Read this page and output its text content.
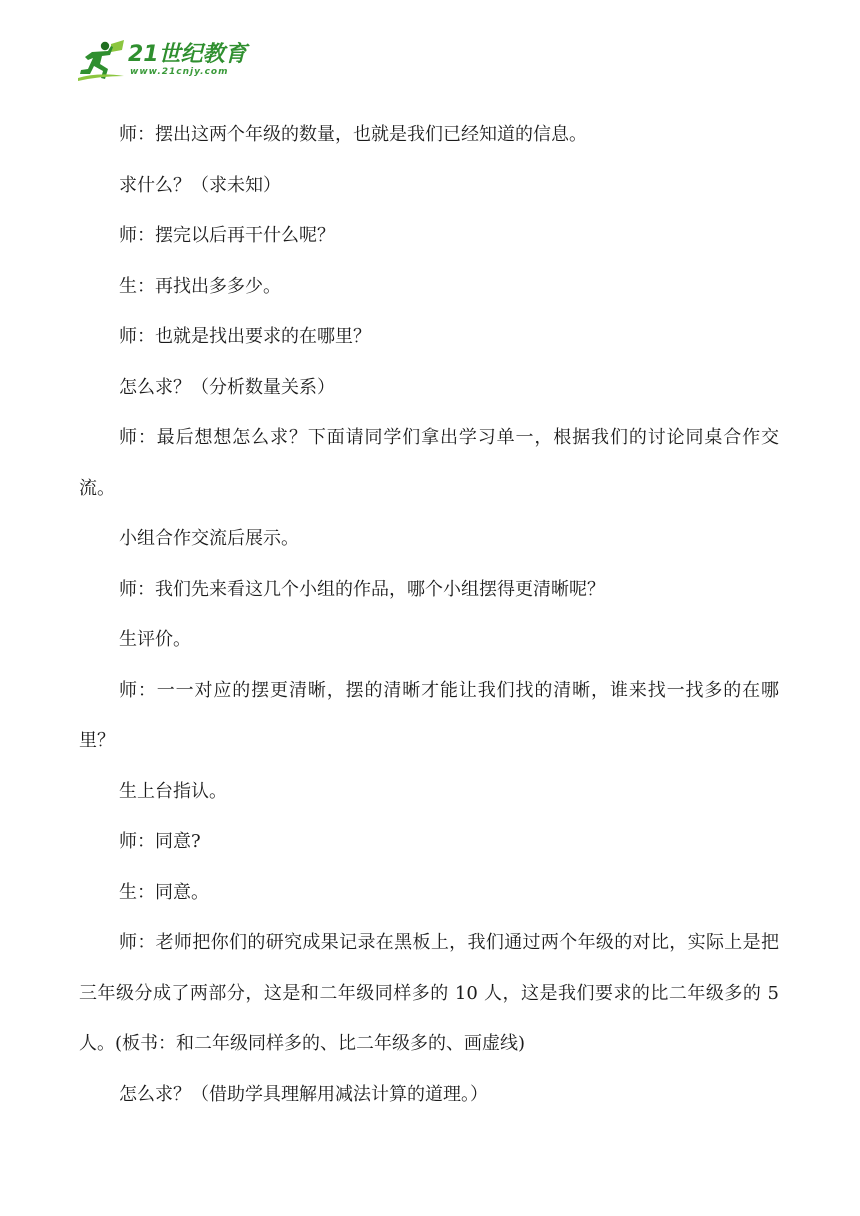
21世纪教育
www.21cnjy.com

师：摆出这两个年级的数量，也就是我们已经知道的信息。

求什么？（求未知）

师：摆完以后再干什么呢？

生：再找出多多少。

师：也就是找出要求的在哪里？

怎么求？（分析数量关系）

师：最后想想怎么求？下面请同学们拿出学习单一，根据我们的讨论同桌合作交流。

小组合作交流后展示。

师：我们先来看这几个小组的作品，哪个小组摆得更清晰呢？

生评价。

师：一一对应的摆更清晰，摆的清晰才能让我们找的清晰，谁来找一找多的在哪里？

生上台指认。

师：同意?

生：同意。

师：老师把你们的研究成果记录在黑板上，我们通过两个年级的对比，实际上是把三年级分成了两部分，这是和二年级同样多的 10 人，这是我们要求的比二年级多的 5 人。(板书：和二年级同样多的、比二年级多的、画虚线)

怎么求？（借助学具理解用减法计算的道理。）
